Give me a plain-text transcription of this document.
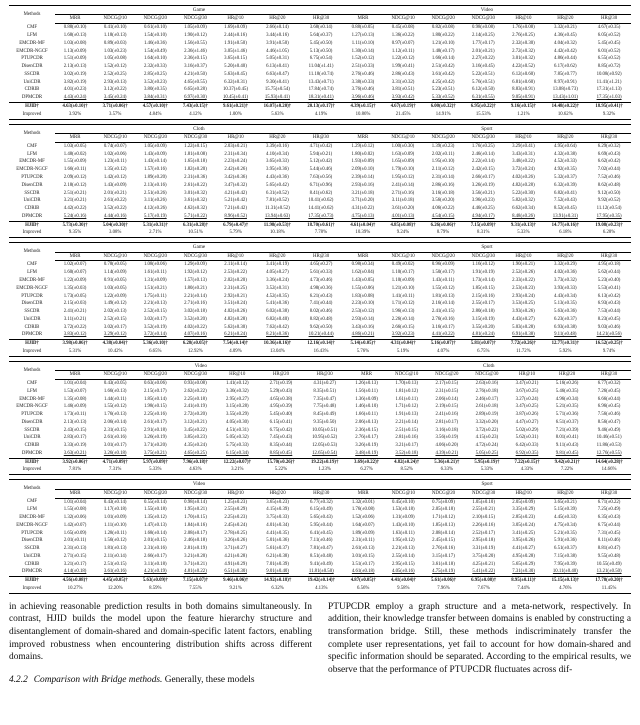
Methods	Game							Video						
	MRR	NDCG@10	NDCG@20	NDCG@30	HR@10	HR@20	HR@30	MRR	NDCG@10	NDCG@20	NDCG@30	HR@10	HR@20	HR@30
CMF	0.88(±0.10)	0.41(±0.10)	0.61(±0.10)	1.05(±0.09)	1.69(±0.09)	2.66(±0.14)	3.68(±0.14)	0.88(±0.05)	0.45(±0.08)	0.82(±0.08)	0.98(±0.08)	1.76(±0.08)	3.32(±0.21)	4.67(±0.35)
LFM	1.68(±0.13)	1.18(±0.13)	1.54(±0.10)	1.90(±0.12)	2.44(±0.16)	3.44(±0.16)	5.64(±0.37)	1.27(±0.13)	1.36(±0.22)	1.80(±0.22)	2.14(±0.25)	2.76(±0.25)	4.36(±0.45)	6.05(±0.52)
EMCDR-MF	1.03(±0.08)	0.89(±0.03)	1.46(±0.36)	1.56(±0.55)	1.91(±0.50)	3.91(±0.50)	5.45(±0.50)	1.11(±0.10)	0.97(±0.07)	1.21(±0.10)	1.77(±0.17)	2.32(±0.30)	4.04(±0.32)	5.45(±0.45)
EMCDR-NGCF	1.13(±0.09)	1.03(±0.23)	1.54(±0.49)	2.36(±1.46)	3.05(±1.46)	4.46(±1.05)	5.13(±0.50)	1.30(±0.14)	1.12(±0.11)	1.48(±0.17)	2.01(±0.21)	2.72(±0.32)	4.42(±0.42)	6.01(±0.52)
PTUPCDR	1.51(±0.09)	1.05(±0.08)	1.64(±0.10)	2.36(±0.15)	3.65(±0.15)	5.05(±0.31)	6.75(±0.54)	1.52(±0.12)	1.22(±0.12)	1.66(±0.14)	2.27(±0.22)	3.01(±0.32)	4.86(±0.44)	6.55(±0.52)
DisenCDR	2.13(±0.13)	1.52(±0.12)	2.32(±0.33)	3.16(±0.37)	5.20(±0.40)	6.13(±0.41)	11.04(±1.41)	2.51(±0.33)	1.99(±0.41)	2.51(±0.42)	3.16(±0.45)	4.22(±0.52)	6.17(±0.62)	8.85(±0.72)
SSCDR	3.02(±0.19)	2.52(±0.25)	2.85(±0.25)	4.21(±0.50)	5.63(±0.45)	6.63(±0.47)	11.18(±0.74)	2.76(±0.46)	2.86(±0.43)	3.61(±0.42)	5.22(±0.51)	6.12(±0.60)	7.85(±0.77)	10.08(±0.92)
UniCDR	3.82(±0.19)	2.93(±0.13)	3.52(±0.23)	4.65(±0.55)	6.32(±0.31)	9.30(±0.41)	13.43(±0.71)	3.38(±0.33)	3.31(±0.32)	4.25(±0.42)	5.76(±0.51)	6.81(±0.60)	8.97(±0.91)	11.41(±1.21)
CDRIB	4.01(±0.23)	3.12(±0.22)	3.80(±0.35)	6.65(±0.28)	10.37(±0.45)	15.75(±0.54)	17.84(±0.74)	3.76(±0.46)	3.81(±0.51)	5.23(±0.51)	6.12(±0.50)	8.83(±0.91)	13.08(±0.73)	17.31(±1.13)
DPMCDR	4.43(±0.24)	3.45(±0.24)	3.84(±0.31)	6.97(±0.30)	10.45(±0.41)	15.93(±0.41)	18.31(±0.41)	3.96(±0.46)	3.93(±0.42)	5.33(±0.52)	6.31(±0.55)	9.05(±0.91)	13.43(±1.01)	17.35(±1.03)
HJID†	4.63(±0.10)†	3.71(±0.06)†	4.57(±0.10)†	7.43(±0.15)†	9.61(±0.21)†	16.07(±0.20)†	20.13(±0.17)†	4.39(±0.15)†	4.67(±0.19)†	6.00(±0.32)†	6.95(±0.22)†	9.16(±0.15)†	14.48(±0.22)†	18.95(±0.41)†
Improved	3.92%	3.57%	4.84%	4.12%	1.00%	5.63%	4.19%	10.86%	21.45%	14.91%	15.53%	1.21%	10.62%	9.32%
Methods	Cloth							Sport						
	MRR	NDCG@10	NDCG@20	NDCG@30	HR@10	HR@20	HR@30	MRR	NDCG@10	NDCG@20	NDCG@30	HR@10	HR@20	HR@30
CMF	1.03(±0.05)	0.74(±0.07)	1.05(±0.09)	1.22(±0.15)	2.03(±0.21)	3.39(±0.16)	4.71(±0.42)	1.29(±0.12)	1.00(±0.30)	1.39(±0.23)	1.76(±0.25)	3.29(±0.41)	4.95(±0.64)	6.29(±0.32)
LFM	1.48(±0.02)	1.02(±0.06)	1.43(±0.09)	1.81(±0.08)	2.31(±0.34)	4.10(±0.34)	5.94(±0.21)	1.80(±0.02)	1.63(±0.09)	2.02(±0.11)	2.46(±0.14)	3.43(±0.31)	4.32(±0.38)	6.69(±0.43)
EMCDR-MF	1.55(±0.09)	1.23(±0.11)	1.43(±0.14)	1.65(±0.18)	2.23(±0.24)	3.65(±0.33)	5.12(±0.42)	1.93(±0.09)	1.65(±0.09)	1.95(±0.10)	2.22(±0.14)	3.48(±0.22)	4.52(±0.33)	6.62(±0.42)
EMCDR-NGCF	1.66(±0.11)	1.35(±0.12)	1.57(±0.16)	1.82(±0.20)	2.42(±0.26)	3.95(±0.36)	5.44(±0.46)	2.09(±0.10)	1.79(±0.10)	2.11(±0.12)	2.42(±0.15)	3.72(±0.24)	4.92(±0.35)	7.02(±0.44)
PTUPCDR	2.09(±0.12)	1.42(±0.12)	1.89(±0.20)	2.31(±0.36)	3.42(±0.36)	4.43(±0.36)	7.63(±0.56)	2.39(±0.14)	1.95(±0.12)	2.31(±0.14)	2.66(±0.17)	4.02(±0.26)	5.32(±0.37)	7.52(±0.46)
DisenCDR	2.18(±0.12)	1.43(±0.09)	2.13(±0.16)	2.61(±0.22)	3.47(±0.32)	5.65(±0.42)	6.71(±0.96)	2.93(±0.16)	2.41(±0.14)	2.86(±0.16)	3.26(±0.19)	4.82(±0.28)	6.32(±0.39)	8.62(±0.48)
SSCDR	2.51(±0.21)	2.01(±0.21)	2.51(±0.26)	3.01(±0.32)	4.21(±0.42)	6.31(±0.52)	8.41(±0.62)	3.21(±0.18)	2.71(±0.16)	3.16(±0.18)	3.56(±0.21)	5.22(±0.30)	6.82(±0.41)	9.12(±0.50)
UniCDR	3.21(±0.21)	2.61(±0.22)	3.11(±0.26)	3.61(±0.32)	5.21(±0.42)	7.81(±0.52)	10.41(±0.62)	3.71(±0.20)	3.11(±0.18)	3.56(±0.20)	3.96(±0.23)	5.82(±0.32)	7.52(±0.43)	9.92(±0.52)
CDRIB	4.42(±0.22)	3.52(±0.22)	4.12(±0.26)	4.62(±0.32)	7.21(±0.42)	11.31(±0.52)	14.41(±0.62)	4.31(±0.22)	3.61(±0.20)	4.06(±0.22)	4.46(±0.25)	6.62(±0.34)	8.52(±0.45)	11.12(±0.54)
DPMCDR	5.24(±0.16)	4.44(±0.16)	5.17(±0.19)	5.71(±0.22)	8.96(±0.52)	13.94(±0.63)	17.35(±0.73)	4.75(±0.13)	4.01(±0.13)	4.54(±0.15)	4.94(±0.17)	8.48(±0.26)	13.91(±0.31)	17.95(±0.35)
HJID†	5.73(±0.30)†	5.04(±0.30)†	5.31(±0.31)†	6.31(±0.28)†	6.79(±0.47)†	11.98(±0.53)†	18.70(±0.61)†	4.61(±0.04)†	4.85(±0.08)†	6.26(±0.06)†	7.15(±0.09)†	9.31(±0.13)†	14.77(±0.16)†	19.08(±0.23)†
Improved	9.35%	3.08%	2.71%	10.51%	5.79%	10.18%	7.78%	10.39%	9.24%	8.79%	8.31%	5.33%	6.18%	6.28%
Methods	Game							Sport						
	MRR	NDCG@10	NDCG@20	NDCG@30	HR@10	HR@20	HR@30	MRR	NDCG@10	NDCG@20	NDCG@30	HR@10	HR@20	HR@30
CMF	1.02(±0.07)	0.78(±0.05)	1.08(±0.06)	1.29(±0.09)	2.11(±0.14)	3.41(±0.19)	4.65(±0.27)	0.98(±0.34)	0.49(±0.02)	0.96(±0.09)	1.16(±0.12)	1.90(±0.21)	3.32(±0.29)	4.95(±0.18)
LFM	1.60(±0.07)	1.14(±0.09)	1.61(±0.11)	1.92(±0.12)	2.53(±0.22)	4.05(±0.27)	5.61(±0.33)	1.62(±0.04)	1.10(±0.17)	1.50(±0.17)	1.91(±0.19)	2.52(±0.26)	4.02(±0.36)	5.62(±0.44)
EMCDR-MF	1.22(±0.09)	0.91(±0.05)	1.31(±0.09)	1.57(±0.13)	2.02(±0.20)	3.36(±0.24)	4.73(±0.46)	1.43(±0.05)	1.10(±0.09)	1.43(±0.11)	1.73(±0.14)	2.33(±0.22)	3.73(±0.32)	5.23(±0.40)
EMCDR-NGCF	1.35(±0.03)	1.03(±0.05)	1.51(±0.21)	1.80(±0.21)	2.31(±0.25)	3.52(±0.31)	4.98(±0.36)	1.55(±0.06)	1.21(±0.10)	1.55(±0.12)	1.85(±0.15)	2.53(±0.23)	3.93(±0.33)	5.53(±0.41)
PTUPCDR	1.73(±0.05)	1.22(±0.09)	1.75(±0.11)	2.21(±0.14)	2.92(±0.21)	4.52(±0.35)	6.21(±0.43)	1.83(±0.08)	1.41(±0.11)	1.81(±0.13)	2.15(±0.16)	2.93(±0.24)	4.43(±0.34)	6.13(±0.42)
DisenCDR	2.15(±0.03)	1.49(±0.12)	2.21(±0.13)	2.71(±0.16)	3.51(±0.24)	5.41(±0.36)	7.41(±0.44)	2.23(±0.10)	1.71(±0.12)	2.16(±0.14)	2.55(±0.17)	3.53(±0.25)	5.13(±0.35)	6.93(±0.43)
SSCDR	2.41(±0.21)	2.02(±0.13)	2.52(±0.15)	3.02(±0.18)	4.02(±0.26)	6.02(±0.38)	8.02(±0.46)	2.53(±0.12)	1.96(±0.13)	2.41(±0.15)	2.80(±0.18)	3.93(±0.26)	5.63(±0.36)	7.53(±0.44)
UniCDR	3.11(±0.21)	2.52(±0.15)	3.02(±0.17)	3.52(±0.20)	4.82(±0.28)	6.82(±0.40)	8.82(±0.48)	2.93(±0.14)	2.26(±0.14)	2.76(±0.16)	3.15(±0.19)	4.43(±0.27)	6.23(±0.37)	8.23(±0.45)
CDRIB	3.72(±0.22)	3.02(±0.17)	3.52(±0.19)	4.02(±0.22)	5.62(±0.30)	7.62(±0.42)	9.62(±0.50)	3.43(±0.16)	2.66(±0.15)	3.16(±0.17)	3.55(±0.20)	5.03(±0.28)	6.93(±0.38)	9.03(±0.46)
DPMCDR	3.83(±0.12)	3.29(±0.12)	3.72(±0.14)	4.07(±0.16)	6.21(±0.24)	8.21(±0.36)	10.21(±0.44)	4.86(±0.21)	3.92(±0.23)	4.41(±0.22)	4.81(±0.24)	6.91(±0.38)	9.11(±0.48)	14.21(±0.56)
HJID†	3.98(±0.06)†	4.38(±0.04)†	5.36(±0.10)†	6.28(±0.05)†	7.54(±0.14)†	10.36(±0.16)†	12.16(±0.14)†	5.14(±0.05)†	4.31(±0.04)†	5.16(±0.07)†	5.81(±0.07)†	7.72(±0.26)†	12.77(±0.31)†	16.52(±0.25)†
Improved	5.31%	10.42%	6.65%	12.92%	4.09%	13.04%	16.43%	5.76%	5.19%	4.07%	6.75%	11.72%	5.92%	9.74%
Methods	Video							Cloth						
	MRR	NDCG@10	NDCG@20	NDCG@30	HR@10	HR@20	HR@30	MRR	NDCG@10	NDCG@20	NDCG@30	HR@10	HR@20	HR@30
CMF	1.01(±0.04)	0.43(±0.05)	0.63(±0.06)	0.93(±0.08)	1.41(±0.12)	2.71(±0.19)	4.31(±0.27)	1.26(±0.13)	1.70(±0.13)	2.17(±0.15)	2.63(±0.16)	3.47(±0.21)	5.16(±0.26)	6.77(±0.32)
LFM	1.53(±0.07)	1.66(±0.13)	2.15(±0.17)	2.62(±0.22)	3.36(±0.32)	5.29(±0.43)	8.35(±0.51)	1.56(±0.11)	1.81(±0.12)	2.31(±0.15)	2.76(±0.18)	3.67(±0.25)	5.46(±0.35)	7.26(±0.45)
EMCDR-MF	1.35(±0.08)	1.44(±0.11)	1.85(±0.14)	2.25(±0.18)	2.95(±0.27)	4.65(±0.38)	7.35(±0.47)	1.36(±0.09)	1.61(±0.11)	2.06(±0.14)	2.46(±0.17)	3.27(±0.24)	4.96(±0.34)	6.66(±0.44)
EMCDR-NGCF	1.46(±0.09)	1.55(±0.12)	1.98(±0.15)	2.41(±0.19)	3.15(±0.28)	4.95(±0.39)	7.75(±0.48)	1.46(±0.10)	1.71(±0.12)	2.19(±0.15)	2.61(±0.18)	3.47(±0.25)	5.21(±0.35)	6.96(±0.45)
PTUPCDR	1.73(±0.11)	1.76(±0.13)	2.25(±0.16)	2.72(±0.20)	3.55(±0.29)	5.45(±0.40)	8.45(±0.49)	1.66(±0.11)	1.91(±0.13)	2.41(±0.16)	2.89(±0.19)	3.87(±0.26)	5.71(±0.36)	7.56(±0.46)
DisenCDR	2.13(±0.13)	2.06(±0.14)	2.61(±0.17)	3.12(±0.21)	4.05(±0.30)	6.15(±0.41)	9.35(±0.50)	2.06(±0.13)	2.21(±0.14)	2.81(±0.17)	3.32(±0.20)	4.47(±0.27)	6.51(±0.37)	8.56(±0.47)
SSCDR	2.43(±0.15)	2.31(±0.15)	2.91(±0.18)	3.45(±0.22)	4.51(±0.31)	6.75(±0.42)	10.05(±0.51)	2.36(±0.15)	2.51(±0.15)	3.16(±0.18)	3.72(±0.22)	5.02(±0.29)	7.21(±0.39)	9.46(±0.49)
UniCDR	2.83(±0.17)	2.61(±0.16)	3.26(±0.19)	3.85(±0.23)	5.05(±0.32)	7.45(±0.43)	10.95(±0.52)	2.76(±0.17)	2.81(±0.16)	3.56(±0.19)	4.15(±0.23)	5.62(±0.31)	8.01(±0.41)	10.46(±0.51)
CDRIB	3.33(±0.19)	3.01(±0.17)	3.71(±0.20)	4.35(±0.24)	5.75(±0.33)	8.35(±0.44)	12.05(±0.53)	3.26(±0.19)	3.21(±0.17)	4.06(±0.20)	4.72(±0.24)	6.42(±0.33)	9.11(±0.43)	11.86(±0.53)
DPMCDR	3.63(±0.21)	3.26(±0.18)	3.75(±0.21)	4.65(±0.25)	6.15(±0.34)	8.85(±0.45)	12.65(±0.54)	3.48(±0.19)	3.52(±0.18)	4.39(±0.21)	5.05(±0.25)	6.92(±0.35)	9.81(±0.45)	12.76(±0.55)
HJID†	3.92(±0.06)†	4.71(±0.09)†	5.97(±0.09)†	7.96(±0.18)†	12.22(±0.07)†	15.70(±0.26)†	19.22(±0.19)†	3.69(±0.22)†	4.82(±0.24)†	5.36(±0.21)†	5.95(±0.19)†	7.22(±0.15)†	9.42(±0.21)†	14.64(±0.28)†
Improved	7.81%	7.31%	5.33%	4.63%	3.21%	5.22%	1.23%	6.27%	8.52%	6.33%	5.33%	4.33%	7.22%	14.66%
Methods	Video							Sport						
	MRR	NDCG@10	NDCG@20	NDCG@30	HR@10	HR@20	HR@30	MRR	NDCG@10	NDCG@20	NDCG@30	HR@10	HR@20	HR@30
CMF	1.01(±0.04)	0.43(±0.14)	0.55(±0.14)	0.98(±0.14)	1.25(±0.23)	3.65(±0.23)	6.77(±0.32)	1.32(±0.01)	0.45(±0.10)	0.75(±0.09)	1.05(±0.10)	2.05(±0.09)	3.65(±0.21)	6.71(±0.22)
LFM	1.55(±0.08)	1.17(±0.18)	1.55(±0.18)	1.95(±0.21)	2.55(±0.29)	4.15(±0.39)	6.15(±0.49)	1.76(±0.08)	1.53(±0.18)	2.05(±0.18)	2.55(±0.21)	3.35(±0.29)	5.15(±0.39)	7.25(±0.49)
EMCDR-MF	1.32(±0.06)	1.01(±0.09)	1.35(±0.12)	1.70(±0.15)	2.25(±0.23)	3.75(±0.33)	5.65(±0.43)	1.52(±0.06)	1.31(±0.09)	1.71(±0.12)	2.10(±0.15)	2.85(±0.23)	4.45(±0.33)	6.35(±0.43)
EMCDR-NGCF	1.42(±0.07)	1.11(±0.10)	1.47(±0.13)	1.84(±0.16)	2.45(±0.24)	4.01(±0.34)	5.95(±0.44)	1.64(±0.07)	1.43(±0.10)	1.85(±0.13)	2.26(±0.16)	3.05(±0.24)	4.75(±0.34)	6.75(±0.44)
PTUPCDR	1.65(±0.09)	1.28(±0.11)	1.68(±0.14)	2.08(±0.17)	2.78(±0.25)	4.41(±0.35)	6.41(±0.45)	1.89(±0.09)	1.63(±0.11)	2.08(±0.14)	2.52(±0.17)	3.41(±0.25)	5.21(±0.35)	7.31(±0.45)
DisenCDR	2.01(±0.11)	1.56(±0.12)	2.01(±0.15)	2.46(±0.18)	3.26(±0.26)	5.01(±0.36)	7.11(±0.46)	2.31(±0.11)	1.95(±0.12)	2.45(±0.15)	2.95(±0.18)	3.95(±0.26)	5.91(±0.36)	8.11(±0.46)
SSCDR	2.31(±0.13)	1.81(±0.13)	2.31(±0.16)	2.81(±0.19)	3.71(±0.27)	5.61(±0.37)	7.81(±0.47)	2.61(±0.13)	2.21(±0.13)	2.76(±0.16)	3.31(±0.19)	4.41(±0.27)	6.51(±0.37)	8.81(±0.47)
UniCDR	2.71(±0.15)	2.11(±0.14)	2.66(±0.17)	3.21(±0.20)	4.21(±0.28)	6.21(±0.38)	8.51(±0.48)	3.01(±0.15)	2.55(±0.14)	3.15(±0.17)	3.75(±0.20)	4.95(±0.28)	7.15(±0.38)	9.55(±0.48)
CDRIB	3.21(±0.17)	2.51(±0.15)	3.11(±0.18)	3.71(±0.21)	4.91(±0.29)	7.01(±0.39)	9.41(±0.49)	3.51(±0.17)	2.95(±0.15)	3.61(±0.18)	4.25(±0.21)	5.65(±0.29)	7.95(±0.39)	10.55(±0.49)
DPMCDR	4.14(±0.18)	3.61(±0.16)	4.21(±0.19)	4.81(±0.22)	6.51(±0.30)	9.01(±0.40)	11.81(±0.50)	4.61(±0.18)	4.05(±0.16)	4.75(±0.19)	5.41(±0.22)	7.31(±0.30)	10.11(±0.40)	13.21(±0.50)
HJID†	4.56(±0.08)†	4.45(±0.05)†	5.63(±0.09)†	7.15(±0.07)†	9.46(±0.06)†	14.92(±0.18)†	19.42(±0.14)†	4.87(±0.05)†	4.41(±0.04)†	5.61(±0.06)†	6.95(±0.08)†	8.95(±0.11)†	15.15(±0.13)†	17.78(±0.20)†
Improved	10.27%	12.20%	8.59%	7.55%	9.21%	6.32%	4.13%	6.56%	9.58%	7.96%	7.67%	7.44%	4.76%	11.45%

in achieving reasonable prediction results in both domains simultaneously. In contrast, HJID builds the model upon the feature hierarchy structure and disentanglement of domain-shared and domain-specific latent factors, enabling improved robustness when encountering distribution shifts across different domains.

4.2.2 Comparison with Bridge methods. Generally, these models

PTUPCDR employ a graph structure and a meta-network, respectively. In addition, their knowledge transfer between domains is enabled by constructing a transformation bridge. Still, these methods indiscriminately transfer the complete user representations, yet fail to account for how domain-shared and specific information should be separated. According to the empirical results, we observe that the performance of PTUPCDR fluctuates across dif-
